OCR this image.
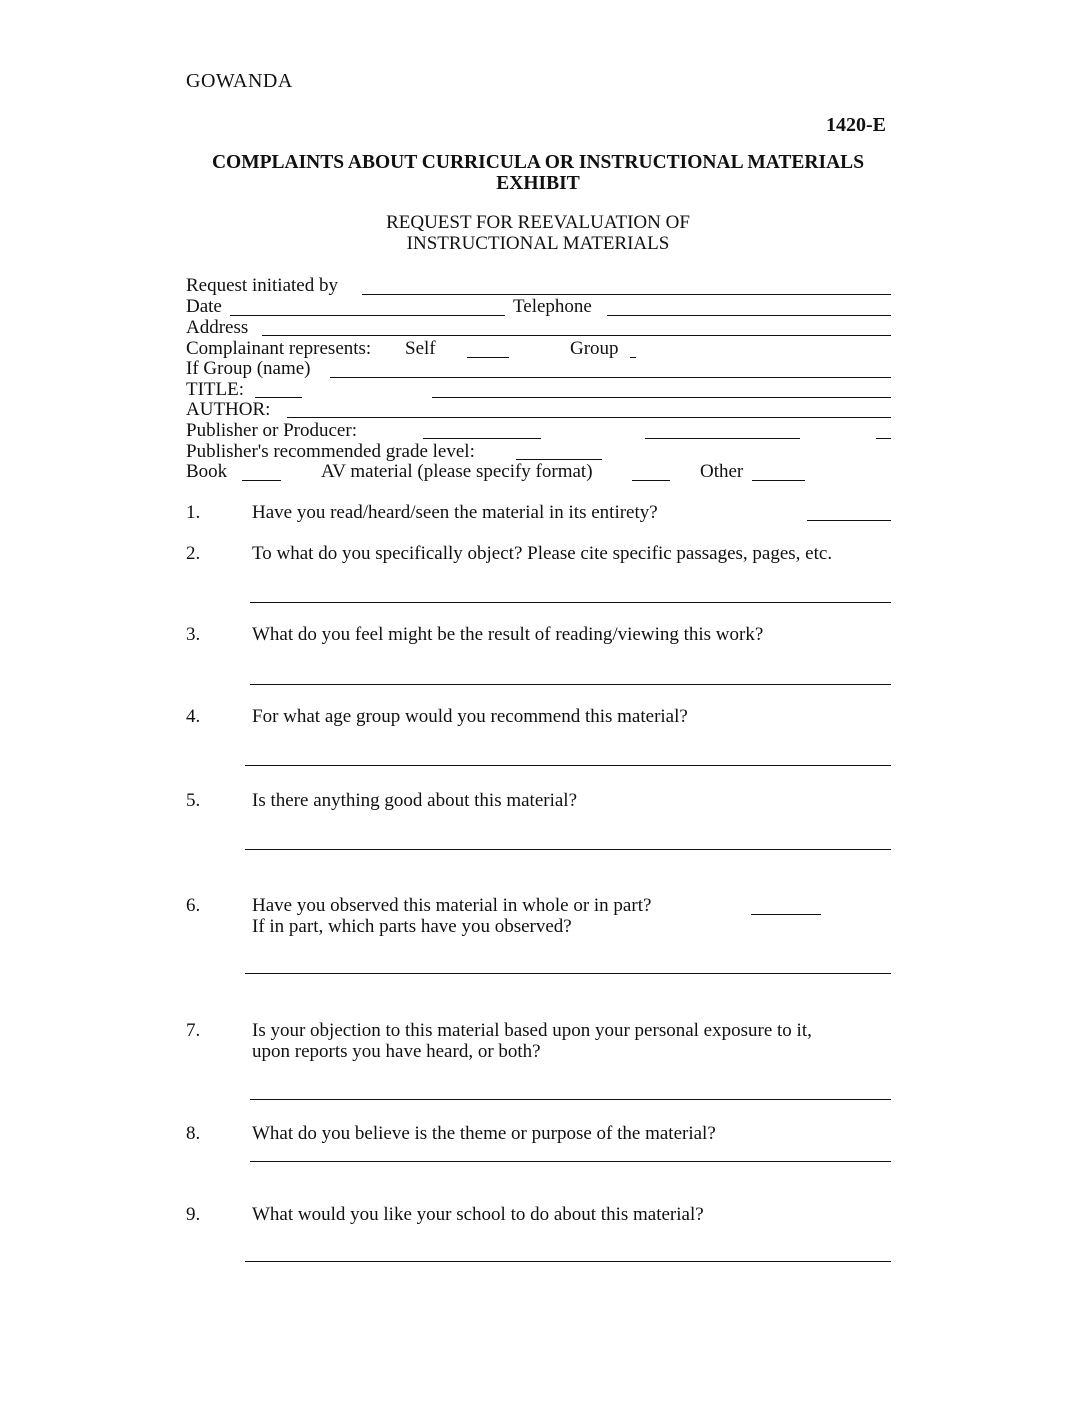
GOWANDA
1420-E
COMPLAINTS ABOUT CURRICULA OR INSTRUCTIONAL MATERIALS
EXHIBIT
REQUEST FOR REEVALUATION OF
INSTRUCTIONAL MATERIALS
Request initiated by
Date	Telephone
Address
Complainant represents: Self	Group
If Group (name)
TITLE:
AUTHOR:
Publisher or Producer:
Publisher's recommended grade level:
Book	AV material (please specify format)	Other
1.	Have you read/heard/seen the material in its entirety?
2.	To what do you specifically object? Please cite specific passages, pages, etc.
3.	What do you feel might be the result of reading/viewing this work?
4.	For what age group would you recommend this material?
5.	Is there anything good about this material?
6.	Have you observed this material in whole or in part?
If in part, which parts have you observed?
7.	Is your objection to this material based upon your personal exposure to it,
upon reports you have heard, or both?
8.	What do you believe is the theme or purpose of the material?
9.	What would you like your school to do about this material?
